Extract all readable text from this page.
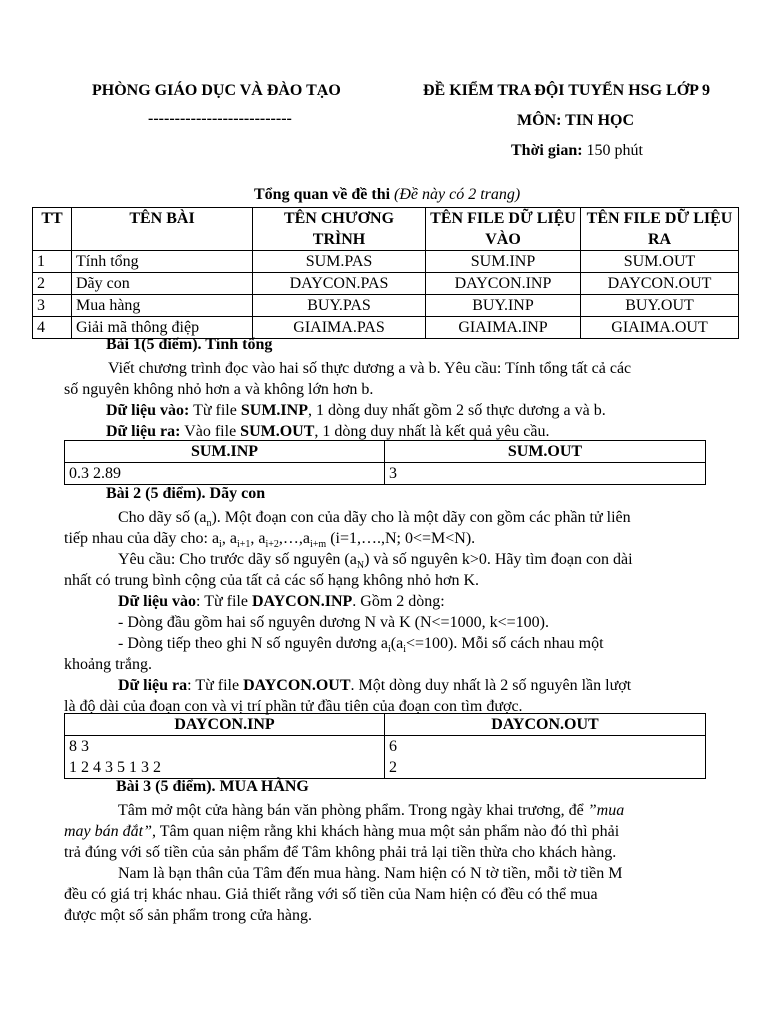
PHÒNG GIÁO DỤC VÀ ĐÀO TẠO
---------------------------
ĐỀ KIỂM TRA ĐỘI TUYỂN HSG LỚP 9
MÔN: TIN HỌC
Thời gian: 150 phút
Tổng quan về đề thi (Đề này có 2 trang)
TT	TÊN BÀI	TÊN CHƯƠNG TRÌNH	TÊN FILE DỮ LIỆU VÀO	TÊN FILE DỮ LIỆU RA
1	Tính tổng	SUM.PAS	SUM.INP	SUM.OUT
2	Dãy con	DAYCON.PAS	DAYCON.INP	DAYCON.OUT
3	Mua hàng	BUY.PAS	BUY.INP	BUY.OUT
4	Giải mã thông điệp	GIAIMA.PAS	GIAIMA.INP	GIAIMA.OUT
Bài 1(5 điểm). Tính tổng
Viết chương trình đọc vào hai số thực dương a và b. Yêu cầu: Tính tổng tất cả các
số nguyên không nhỏ hơn a và không lớn hơn b.
Dữ liệu vào: Từ file SUM.INP, 1 dòng duy nhất gồm 2 số thực dương a và b.
Dữ liệu ra: Vào file SUM.OUT, 1 dòng duy nhất là kết quả yêu cầu.
SUM.INP	SUM.OUT
0.3 2.89	3
Bài 2 (5 điểm). Dãy con
Cho dãy số $(a_n)$. Một đoạn con của dãy cho là một dãy con gồm các phần tử liên
tiếp nhau của dãy cho: $a_i$, $a_{i+1}$, $a_{i+2},\dots,a_{i+m}$ (i=1,….,N; 0<=M<N).
Yêu cầu: Cho trước dãy số nguyên $(a_N)$ và số nguyên k>0. Hãy tìm đoạn con dài
nhất có trung bình cộng của tất cả các số hạng không nhỏ hơn K.
Dữ liệu vào: Từ file DAYCON.INP. Gồm 2 dòng:
- Dòng đầu gồm hai số nguyên dương N và K (N<=1000, k<=100).
- Dòng tiếp theo ghi N số nguyên dương $a_i(a_i<=100)$. Mỗi số cách nhau một
khoảng trắng.
Dữ liệu ra: Từ file DAYCON.OUT. Một dòng duy nhất là 2 số nguyên lần lượt
là độ dài của đoạn con và vị trí phần tử đầu tiên của đoạn con tìm được.
DAYCON.INP	DAYCON.OUT
8 3	6
1 2 4 3 5 1 3 2	2
Bài 3 (5 điểm). MUA HÀNG
Tâm mở một cửa hàng bán văn phòng phẩm. Trong ngày khai trương, để ”mua
may bán đắt”, Tâm quan niệm rằng khi khách hàng mua một sản phẩm nào đó thì phải
trả đúng với số tiền của sản phẩm để Tâm không phải trả lại tiền thừa cho khách hàng.
Nam là bạn thân của Tâm đến mua hàng. Nam hiện có N tờ tiền, mỗi tờ tiền M
đều có giá trị khác nhau. Giả thiết rằng với số tiền của Nam hiện có đều có thể mua
được một số sản phẩm trong cửa hàng.
